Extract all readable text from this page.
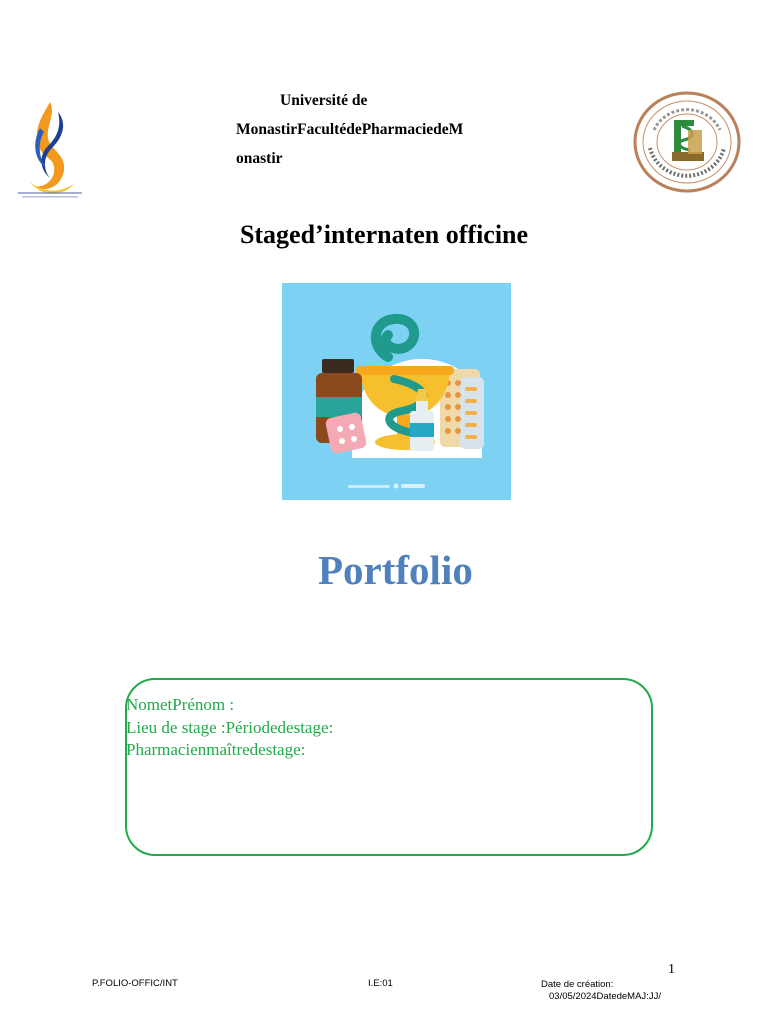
Université de
MonastirFacultédePharmaciedeM
onastir
Staged’internaten officine
Portfolio
NometPrénom :
Lieu de stage :Périodedestage:
Pharmacienmaîtredestage:
1
P.FOLIO-OFFIC/INT	I.E:01	Date de création:
03/05/2024DatedeMAJ:JJ/
